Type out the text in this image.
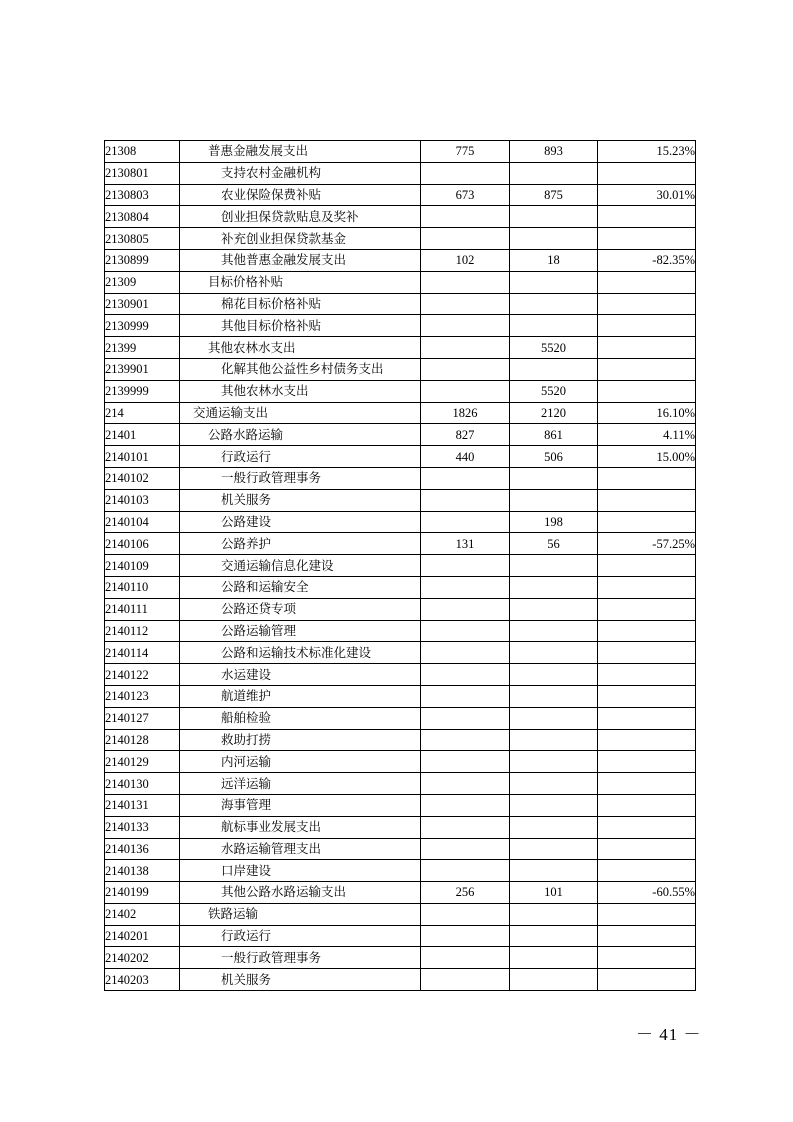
21308	普惠金融发展支出	775	893	15.23%
2130801	支持农村金融机构			
2130803	农业保险保费补贴	673	875	30.01%
2130804	创业担保贷款贴息及奖补			
2130805	补充创业担保贷款基金			
2130899	其他普惠金融发展支出	102	18	-82.35%
21309	目标价格补贴			
2130901	棉花目标价格补贴			
2130999	其他目标价格补贴			
21399	其他农林水支出		5520	
2139901	化解其他公益性乡村债务支出			
2139999	其他农林水支出		5520	
214	交通运输支出	1826	2120	16.10%
21401	公路水路运输	827	861	4.11%
2140101	行政运行	440	506	15.00%
2140102	一般行政管理事务			
2140103	机关服务			
2140104	公路建设		198	
2140106	公路养护	131	56	-57.25%
2140109	交通运输信息化建设			
2140110	公路和运输安全			
2140111	公路还贷专项			
2140112	公路运输管理			
2140114	公路和运输技术标准化建设			
2140122	水运建设			
2140123	航道维护			
2140127	船舶检验			
2140128	救助打捞			
2140129	内河运输			
2140130	远洋运输			
2140131	海事管理			
2140133	航标事业发展支出			
2140136	水路运输管理支出			
2140138	口岸建设			
2140199	其他公路水路运输支出	256	101	-60.55%
21402	铁路运输			
2140201	行政运行			
2140202	一般行政管理事务			
2140203	机关服务			
－ 41 －
